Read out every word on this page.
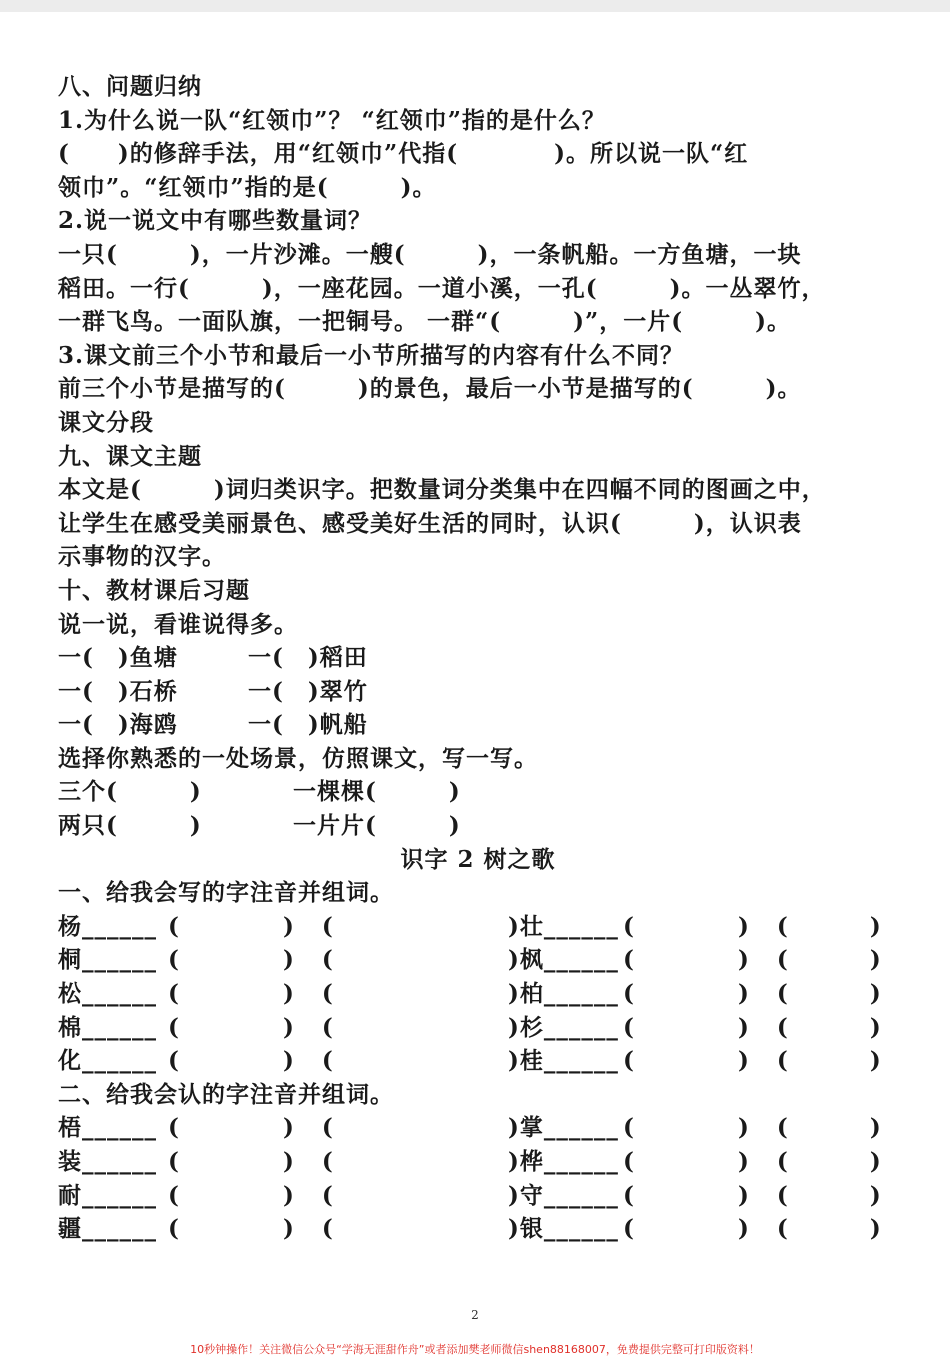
八、问题归纳
1.为什么说一队“红领巾”？ “红领巾”指的是什么？
(　　)的修辞手法，用“红领巾”代指(　　　　)。所以说一队“红
领巾”。“红领巾”指的是(　　　)。
2.说一说文中有哪些数量词？
一只(　　　)，一片沙滩。一艘(　　　)，一条帆船。一方鱼塘，一块
稻田。一行(　　　)，一座花园。一道小溪，一孔(　　　)。一丛翠竹，
一群飞鸟。一面队旗，一把铜号。 一群“(　　　)”，一片(　　　)。
3.课文前三个小节和最后一小节所描写的内容有什么不同？
前三个小节是描写的(　　　)的景色，最后一小节是描写的(　　　)。
课文分段
九、课文主题
本文是(　　　)词归类识字。把数量词分类集中在四幅不同的图画之中，
让学生在感受美丽景色、感受美好生活的同时，认识(　　　)，认识表
示事物的汉字。
十、教材课后习题
说一说，看谁说得多。
一(　)鱼塘	一(　)稻田
一(　)石桥	一(　)翠竹
一(　)海鸥	一(　)帆船
选择你熟悉的一处场景，仿照课文，写一写。
三个(　　　)	一棵棵(　　　)
两只(　　　)	一片片(　　　)
识字 2 树之歌
一、给我会写的字注音并组词。
杨______ (	) (	)壮______ (	) (	)
桐______ (	) (	)枫______ (	) (	)
松______ (	) (	)柏______ (	) (	)
棉______ (	) (	)杉______ (	) (	)
化______ (	) (	)桂______ (	) (	)
二、给我会认的字注音并组词。
梧______ (	) (	)掌______ (	) (	)
装______ (	) (	)桦______ (	) (	)
耐______ (	) (	)守______ (	) (	)
疆______ (	) (	)银______ (	) (	)
2
10秒钟操作！关注微信公众号“学海无涯甜作舟”或者添加樊老师微信shen88168007，免费提供完整可打印版资料！
